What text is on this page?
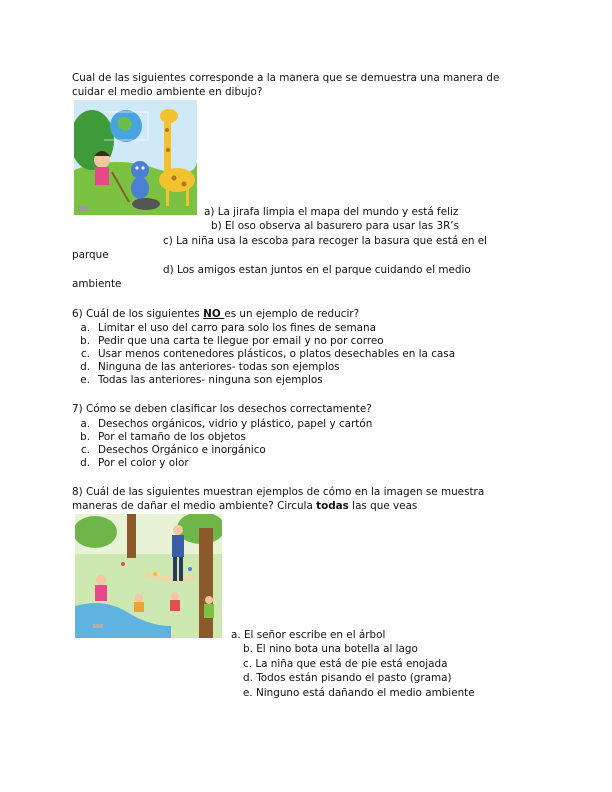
Cual de las siguientes corresponde a la manera que se demuestra una manera de
cuidar el medio ambiente en dibujo?
a) La jirafa limpia el mapa del mundo y está feliz
b) El oso observa al basurero para usar las 3R’s
c) La niña usa la escoba para recoger la basura que está en el
parque
d) Los amigos estan juntos en el parque cuidando el medio
ambiente
6) Cuál de los siguientes NO es un ejemplo de reducir?
a. Limitar el uso del carro para solo los fines de semana
b. Pedir que una carta te llegue por email y no por correo
c. Usar menos contenedores plásticos, o platos desechables en la casa
d. Ninguna de las anteriores- todas son ejemplos
e. Todas las anteriores- ninguna son ejemplos
7) Cómo se deben clasificar los desechos correctamente?
a. Desechos orgánicos, vidrio y plástico, papel y cartón
b. Por el tamaño de los objetos
c. Desechos Orgánico e inorgánico
d. Por el color y olor
8) Cuál de las siguientes muestran ejemplos de cómo en la imagen se muestra
maneras de dañar el medio ambiente? Circula todas las que veas
a. El señor escribe en el árbol
b. El nino bota una botella al lago
c. La niña que está de pie está enojada
d. Todos están pisando el pasto (grama)
e. Ninguno está dañando el medio ambiente
